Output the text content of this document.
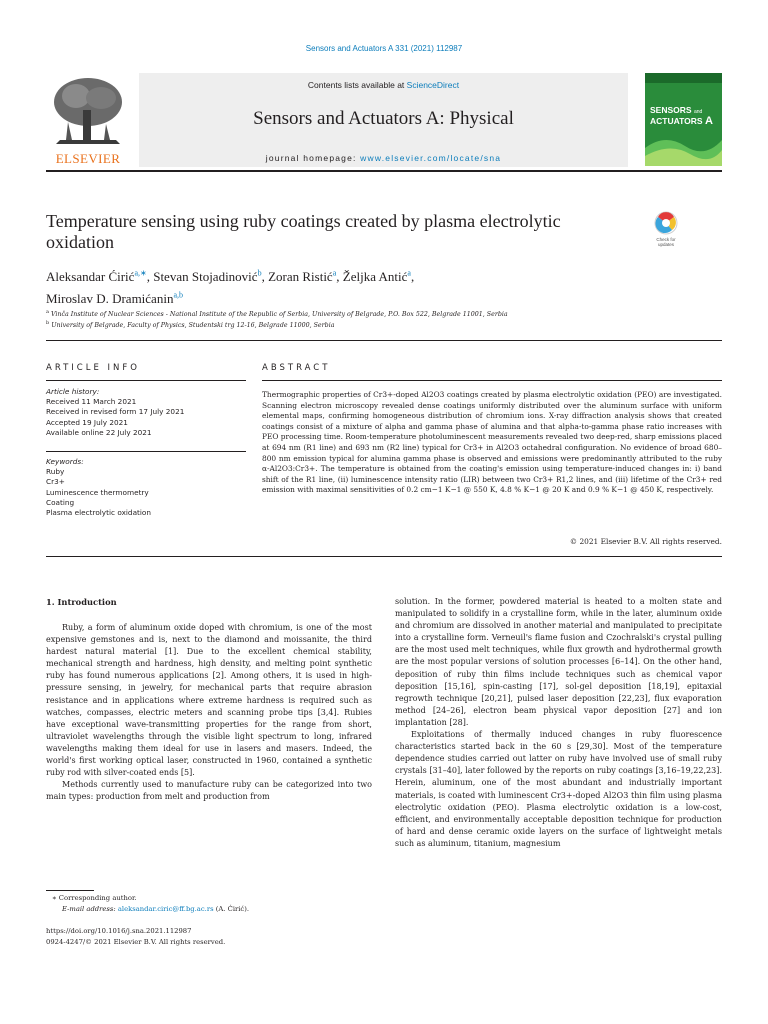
Sensors and Actuators A 331 (2021) 112987
ELSEVIER
Contents lists available at ScienceDirect
Sensors and Actuators A: Physical
journal homepage: www.elsevier.com/locate/sna
SENSORS and
ACTUATORS A
Temperature sensing using ruby coatings created by plasma electrolytic oxidation	Check for
updates
Aleksandar Ćirić$^{a,∗}$, Stevan Stojadinović$^b$, Zoran Ristić$^a$, Željka Antić$^a$,
Miroslav D. Dramićanin$^{a,b}$
$^a$ Vinča Institute of Nuclear Sciences - National Institute of the Republic of Serbia, University of Belgrade, P.O. Box 522, Belgrade 11001, Serbia
$^b$ University of Belgrade, Faculty of Physics, Studentski trg 12-16, Belgrade 11000, Serbia
ARTICLE INFO	ABSTRACT
Article history:
Received 11 March 2021
Received in revised form 17 July 2021
Accepted 19 July 2021
Available online 22 July 2021
Keywords:
Ruby
Cr3+
Luminescence thermometry
Coating
Plasma electrolytic oxidation
Thermographic properties of Cr3+-doped Al2O3 coatings created by plasma electrolytic oxidation (PEO) are investigated. Scanning electron microscopy revealed dense coatings uniformly distributed over the aluminum surface with uniform elemental maps, confirming homogeneous distribution of chromium ions. X-ray diffraction analysis shows that created coatings consist of a mixture of alpha and gamma phase of alumina and that alpha-to-gamma phase ratio increases with PEO processing time. Room-temperature photoluminescent measurements revealed two deep-red, sharp emissions placed at 694 nm (R1 line) and 693 nm (R2 line) typical for Cr3+ in Al2O3 octahedral configuration. No evidence of broad 680–800 nm emission typical for alumina gamma phase is observed and emissions were predominantly attributed to the ruby α-Al2O3:Cr3+. The temperature is obtained from the coating's emission using temperature-induced changes in: i) band shift of the R1 line, (ii) luminescence intensity ratio (LIR) between two Cr3+ R1,2 lines, and (iii) lifetime of the Cr3+ red emission with maximal sensitivities of 0.2 cm−1 K−1 @ 550 K, 4.8 % K−1 @ 20 K and 0.9 % K−1 @ 450 K, respectively.
© 2021 Elsevier B.V. All rights reserved.
1. Introduction

Ruby, a form of aluminum oxide doped with chromium, is one of the most expensive gemstones and is, next to the diamond and moissanite, the third hardest natural material [1]. Due to the excellent chemical stability, mechanical strength and hardness, high density, and melting point synthetic ruby has found numerous applications [2]. Among others, it is used in high-pressure sensing, in jewelry, for mechanical parts that require abrasion resistance and in applications where extreme hardness is required such as watches, compasses, electric meters and scanning probe tips [3,4]. Rubies have exceptional wave-transmitting properties for the range from short, ultraviolet wavelengths through the visible light spectrum to long, infrared wavelengths making them ideal for use in lasers and masers. Indeed, the world's first working optical laser, constructed in 1960, contained a synthetic ruby rod with silver-coated ends [5].

Methods currently used to manufacture ruby can be categorized into two main types: production from melt and production from

solution. In the former, powdered material is heated to a molten state and manipulated to solidify in a crystalline form, while in the later, aluminum oxide and chromium are dissolved in another material and manipulated to precipitate into a crystalline form. Verneuil's flame fusion and Czochralski's crystal pulling are the most used melt techniques, while flux growth and hydrothermal growth are the most popular versions of solution processes [6–14]. On the other hand, deposition of ruby thin films include techniques such as chemical vapor deposition [15,16], spin-casting [17], sol-gel deposition [18,19], epitaxial regrowth technique [20,21], pulsed laser deposition [22,23], flux evaporation method [24–26], electron beam physical vapor deposition [27] and ion implantation [28].

Exploitations of thermally induced changes in ruby fluorescence characteristics started back in the 60 s [29,30]. Most of the temperature dependence studies carried out latter on ruby have involved use of small ruby crystals [31–40], later followed by the reports on ruby coatings [3,16–19,22,23]. Herein, aluminum, one of the most abundant and industrially important materials, is coated with luminescent Cr3+-doped Al2O3 thin film using plasma electrolytic oxidation (PEO). Plasma electrolytic oxidation is a low-cost, efficient, and environmentally acceptable deposition technique for production of hard and dense ceramic oxide layers on the surface of lightweight metals such as aluminum, titanium, magnesium

∗ Corresponding author.
E-mail address: aleksandar.ciric@ff.bg.ac.rs (A. Ćirić).
https://doi.org/10.1016/j.sna.2021.112987
0924-4247/© 2021 Elsevier B.V. All rights reserved.
